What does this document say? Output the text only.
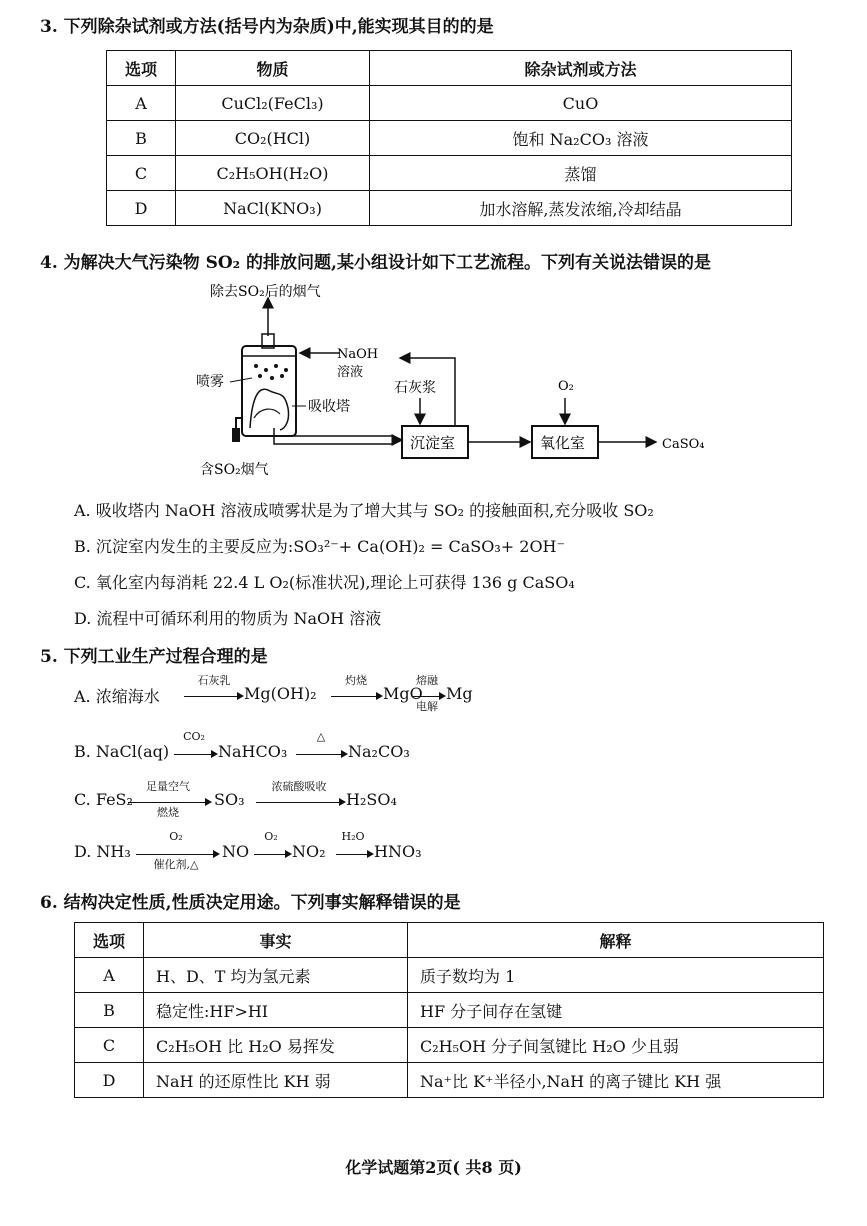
3. 下列除杂试剂或方法(括号内为杂质)中,能实现其目的的是
选项	物质	除杂试剂或方法
A	CuCl₂(FeCl₃)	CuO
B	CO₂(HCl)	饱和 Na₂CO₃ 溶液
C	C₂H₅OH(H₂O)	蒸馏
D	NaCl(KNO₃)	加水溶解,蒸发浓缩,冷却结晶
4. 为解决大气污染物 SO₂ 的排放问题,某小组设计如下工艺流程。下列有关说法错误的是
除去SO₂后的烟气
含SO₂烟气
NaOH
溶液
喷雾
吸收塔
沉淀室
石灰浆
氧化室
O₂
CaSO₄
A. 吸收塔内 NaOH 溶液成喷雾状是为了增大其与 SO₂ 的接触面积,充分吸收 SO₂
B. 沉淀室内发生的主要反应为:SO₃²⁻+ Ca(OH)₂ = CaSO₃+ 2OH⁻
C. 氧化室内每消耗 22.4 L O₂(标准状况),理论上可获得 136 g CaSO₄
D. 流程中可循环利用的物质为 NaOH 溶液
5. 下列工业生产过程合理的是
A. 浓缩海水
石灰乳
Mg(OH)₂
灼烧
MgO
熔融
电解
Mg
B. NaCl(aq)
CO₂
NaHCO₃
△
Na₂CO₃
C. FeS₂
足量空气
燃烧
SO₃
浓硫酸吸收
H₂SO₄
D. NH₃
O₂
催化剂,△
NO
O₂
NO₂
H₂O
HNO₃
6. 结构决定性质,性质决定用途。下列事实解释错误的是
选项	事实	解释
A	H、D、T 均为氢元素	质子数均为 1
B	稳定性:HF>HI	HF 分子间存在氢键
C	C₂H₅OH 比 H₂O 易挥发	C₂H₅OH 分子间氢键比 H₂O 少且弱
D	NaH 的还原性比 KH 弱	Na⁺比 K⁺半径小,NaH 的离子键比 KH 强
化学试题第2页( 共8 页)
